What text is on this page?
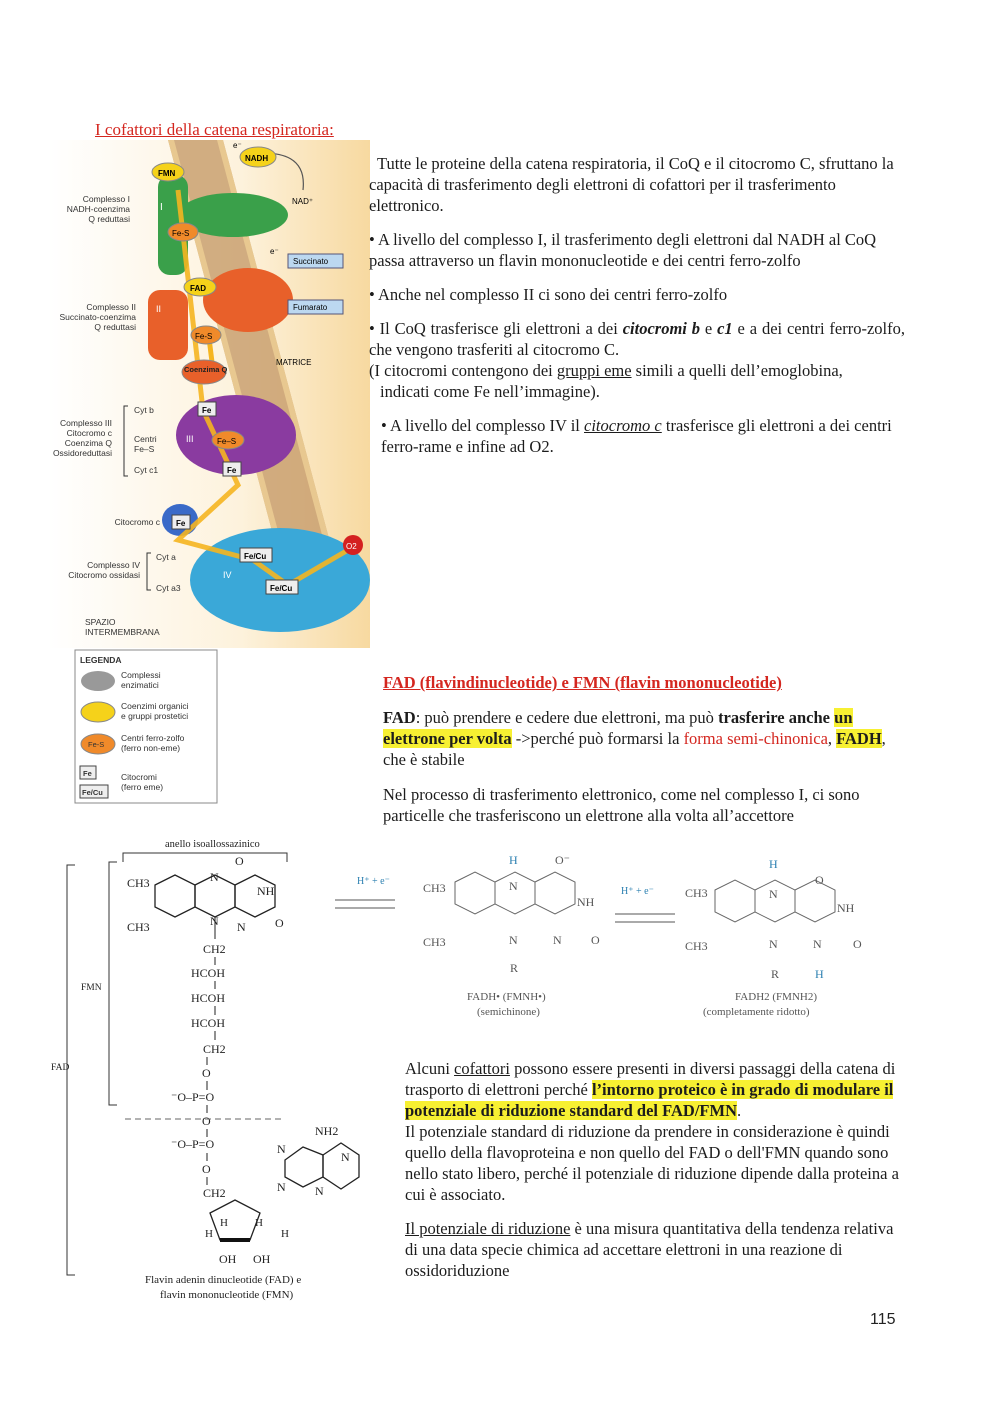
I cofattori della catena respiratoria:
I
II
III
IV
NADH
FMN
e⁻
NAD⁺
Fe-S
FAD
Fe-S
Coenzima Q
Succinato
Fumarato
e⁻
MATRICE
Fe
Fe–S
Fe
Fe
Fe/Cu
Fe/Cu
O2
Complesso I
NADH-coenzima
Q reduttasi
Complesso II
Succinato-coenzima
Q reduttasi
Complesso III
Citocromo c
Coenzima Q
Ossidoreduttasi
Citocromo c
Complesso IV
Citocromo ossidasi
Cyt b
Centri
Fe–S
Cyt c1
Cyt a
Cyt a3
SPAZIO
INTERMEMBRANA
LEGENDA
Complessi
enzimatici
Coenzimi organici
e gruppi prostetici
Fe-S
Centri ferro-zolfo
(ferro non-eme)
Fe
Fe/Cu
Citocromi
(ferro eme)

Tutte le proteine della catena respiratoria, il CoQ e il citocromo C, sfruttano la capacità di trasferimento degli elettroni di cofattori per il trasferimento elettronico.

• A livello del complesso I, il trasferimento degli elettroni dal NADH al CoQ passa attraverso un flavin mononucleotide e dei centri ferro-zolfo

• Anche nel complesso II ci sono dei centri ferro-zolfo

• Il CoQ trasferisce gli elettroni a dei citocromi b e c1 e a dei centri ferro-zolfo, che vengono trasferiti al citocromo C.

(I citocromi contengono dei gruppi eme simili a quelli dell’emoglobina,

indicati come Fe nell’immagine).

• A livello del complesso IV il citocromo c trasferisce gli elettroni a dei centri ferro-rame e infine ad O2.

FAD (flavindinucleotide) e FMN (flavin mononucleotide)

FAD: può prendere e cedere due elettroni, ma può trasferire anche un elettrone per volta ->perché può formarsi la forma semi-chinonica, FADH, che è stabile

Nel processo di trasferimento elettronico, come nel complesso I, ci sono particelle che trasferiscono un elettrone alla volta all’accettore

anello isoallossazinico
CH3
CH3
N
N
O
NH
O
N
CH2
HCOH
HCOH
HCOH
CH2
O
⁻O–P=O
O
⁻O–P=O
O
CH2
H H
H	H
OH OH
NH2
N
N
N
N
FMN
FAD
Flavin adenin dinucleotide (FAD) e
flavin mononucleotide (FMN)
H⁺ + e⁻	CH3
CH3
H
N
O⁻
NH
N	N O
R
FADH• (FMNH•)
(semichinone)
H⁺ + e⁻	CH3
CH3
H
N
O
NH
N	N	O
H
R
FADH2 (FMNH2)
(completamente ridotto)

Alcuni cofattori possono essere presenti in diversi passaggi della catena di trasporto di elettroni perché l’intorno proteico è in grado di modulare il potenziale di riduzione standard del FAD/FMN.

Il potenziale standard di riduzione da prendere in considerazione è quindi quello della flavoproteina e non quello del FAD o dell'FMN quando sono nello stato libero, perché il potenziale di riduzione dipende dalla proteina a cui è associato.

Il potenziale di riduzione è una misura quantitativa della tendenza relativa di una data specie chimica ad accettare elettroni in una reazione di ossidoriduzione

115
